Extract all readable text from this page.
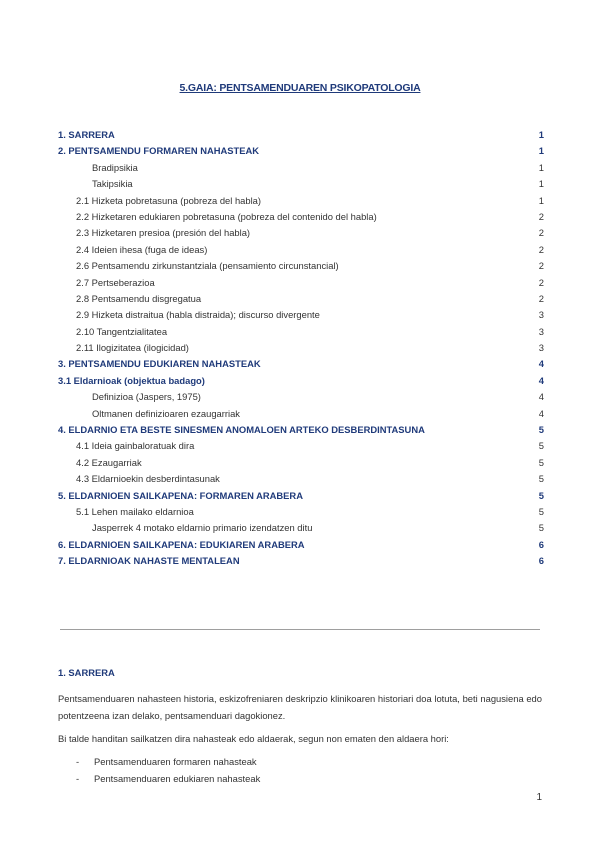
5.GAIA: PENTSAMENDUAREN PSIKOPATOLOGIA
1. SARRERA	1
2. PENTSAMENDU FORMAREN NAHASTEAK	1
Bradipsikia	1
Takipsikia	1
2.1 Hizketa pobretasuna (pobreza del habla)	1
2.2 Hizketaren edukiaren pobretasuna (pobreza del contenido del habla)	2
2.3 Hizketaren presioa (presión del habla)	2
2.4 Ideien ihesa (fuga de ideas)	2
2.6 Pentsamendu zirkunstantziala (pensamiento circunstancial)	2
2.7 Pertseberazioa	2
2.8 Pentsamendu disgregatua	2
2.9 Hizketa distraitua (habla distraida); discurso divergente	3
2.10 Tangentzialitatea	3
2.11 Ilogizitatea (ilogicidad)	3
3. PENTSAMENDU EDUKIAREN NAHASTEAK	4
3.1 Eldarnioak (objektua badago)	4
Definizioa (Jaspers, 1975)	4
Oltmanen definizioaren ezaugarriak	4
4. ELDARNIO ETA BESTE SINESMEN ANOMALOEN ARTEKO DESBERDINTASUNA	5
4.1 Ideia gainbaloratuak dira	5
4.2 Ezaugarriak	5
4.3 Eldarnioekin desberdintasunak	5
5. ELDARNIOEN SAILKAPENA: FORMAREN ARABERA	5
5.1 Lehen mailako eldarnioa	5
Jasperrek 4 motako eldarnio primario izendatzen ditu	5
6. ELDARNIOEN SAILKAPENA: EDUKIAREN ARABERA	6
7. ELDARNIOAK NAHASTE MENTALEAN	6
1. SARRERA
Pentsamenduaren nahasteen historia, eskizofreniaren deskripzio klinikoaren historiari doa lotuta, beti nagusiena edo potentzeena izan delako, pentsamenduari dagokionez.
Bi talde handitan sailkatzen dira nahasteak edo aldaerak, segun non ematen den aldaera hori:
- Pentsamenduaren formaren nahasteak
- Pentsamenduaren edukiaren nahasteak
1
